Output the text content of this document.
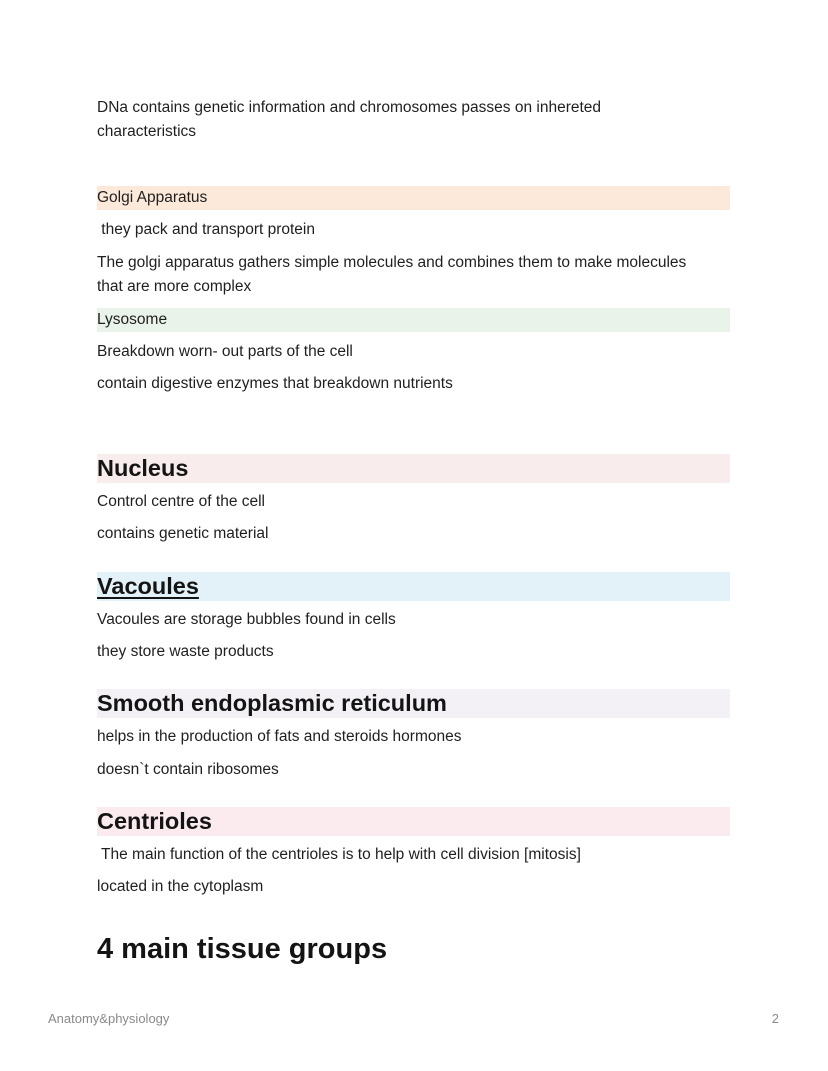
DNa contains genetic information and chromosomes passes on inhereted

characteristics

Golgi Apparatus

they pack and transport protein

The golgi apparatus gathers simple molecules and combines them to make molecules

that are more complex

Lysosome

Breakdown worn- out parts of the cell

contain digestive enzymes that breakdown nutrients

Nucleus

Control centre of the cell

contains genetic material

Vacoules

Vacoules are storage bubbles found in cells

they store waste products

Smooth endoplasmic reticulum

helps in the production of fats and steroids hormones

doesn`t contain ribosomes

Centrioles

The main function of the centrioles is to help with cell division [mitosis]

located in the cytoplasm

4 main tissue groups
Anatomy&physiology	2
